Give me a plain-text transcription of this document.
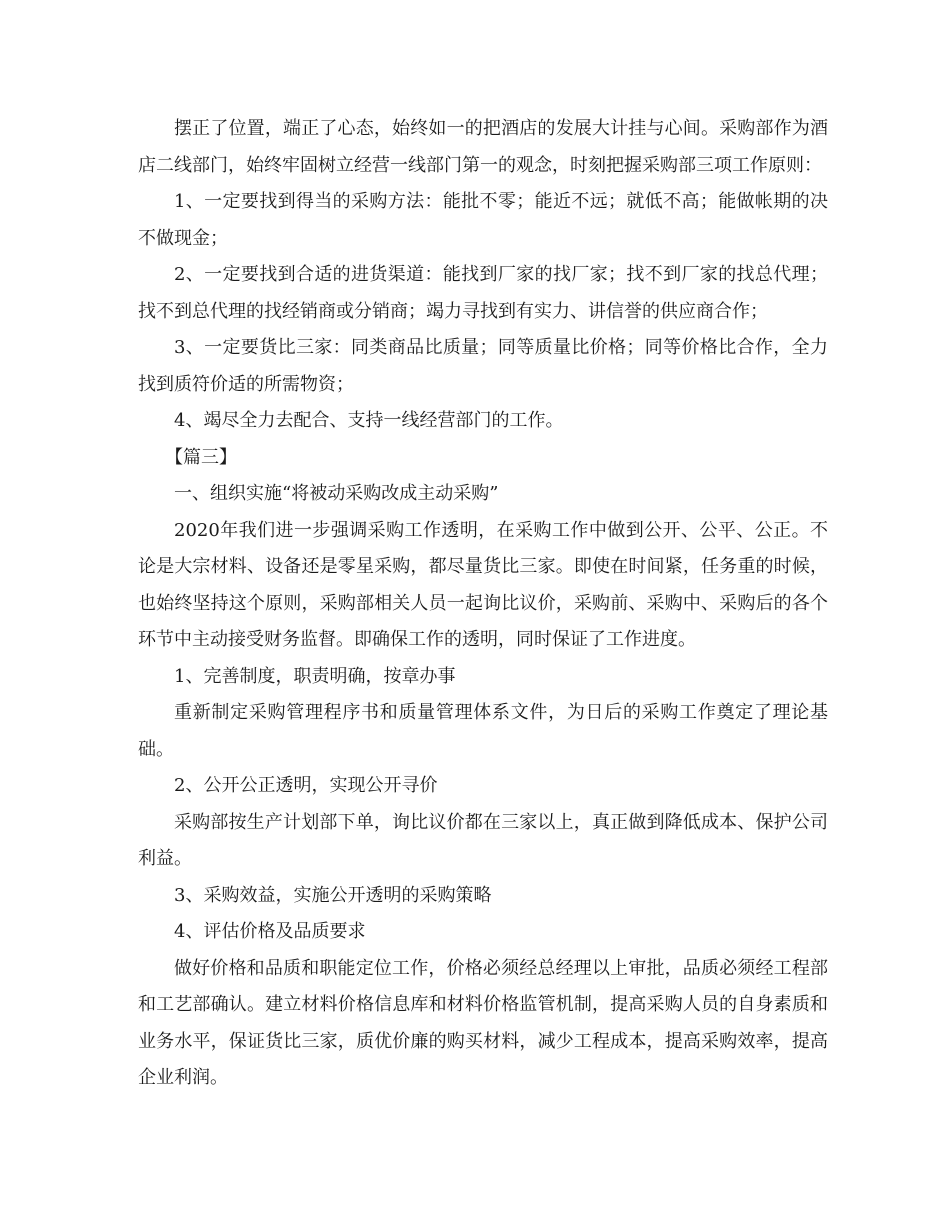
摆正了位置，端正了心态，始终如一的把酒店的发展大计挂与心间。采购部作为酒店二线部门，始终牢固树立经营一线部门第一的观念，时刻把握采购部三项工作原则：

1、一定要找到得当的采购方法：能批不零；能近不远；就低不高；能做帐期的决不做现金；

2、一定要找到合适的进货渠道：能找到厂家的找厂家；找不到厂家的找总代理；找不到总代理的找经销商或分销商；竭力寻找到有实力、讲信誉的供应商合作；

3、一定要货比三家：同类商品比质量；同等质量比价格；同等价格比合作，全力找到质符价适的所需物资；

4、竭尽全力去配合、支持一线经营部门的工作。

【篇三】

一、组织实施“将被动采购改成主动采购”

2020年我们进一步强调采购工作透明，在采购工作中做到公开、公平、公正。不论是大宗材料、设备还是零星采购，都尽量货比三家。即使在时间紧，任务重的时候，也始终坚持这个原则，采购部相关人员一起询比议价，采购前、采购中、采购后的各个环节中主动接受财务监督。即确保工作的透明，同时保证了工作进度。

1、完善制度，职责明确，按章办事

重新制定采购管理程序书和质量管理体系文件，为日后的采购工作奠定了理论基础。

2、公开公正透明，实现公开寻价

采购部按生产计划部下单，询比议价都在三家以上，真正做到降低成本、保护公司利益。

3、采购效益，实施公开透明的采购策略

4、评估价格及品质要求

做好价格和品质和职能定位工作，价格必须经总经理以上审批，品质必须经工程部和工艺部确认。建立材料价格信息库和材料价格监管机制，提高采购人员的自身素质和业务水平，保证货比三家，质优价廉的购买材料，减少工程成本，提高采购效率，提高企业利润。
